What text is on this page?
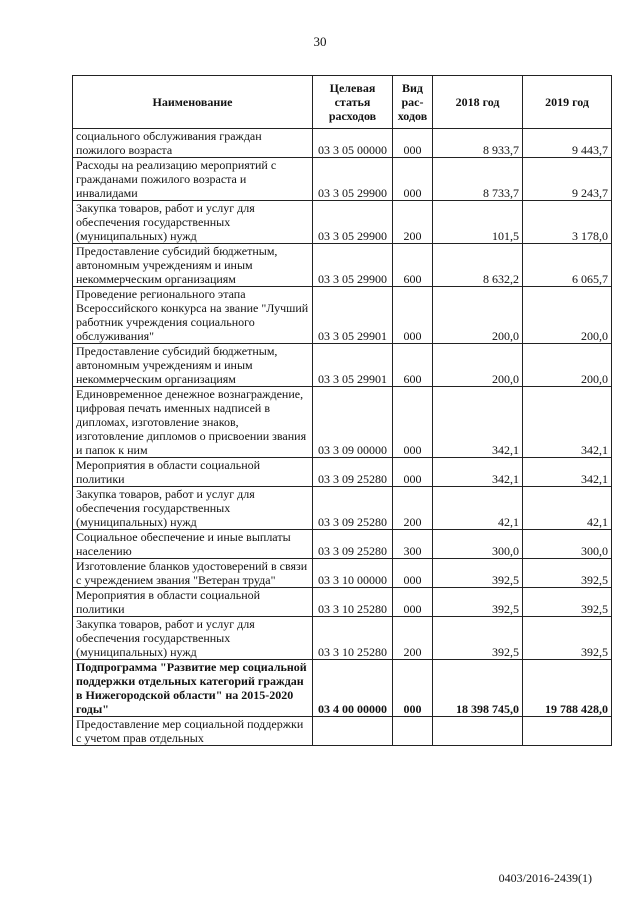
30
Наименование	Целевая статья расходов	Вид рас-ходов	2018 год	2019 год
социального обслуживания граждан пожилого возраста	03 3 05 00000	000	8 933,7	9 443,7
Расходы на реализацию мероприятий с гражданами пожилого возраста и инвалидами	03 3 05 29900	000	8 733,7	9 243,7
Закупка товаров, работ и услуг для обеспечения государственных (муниципальных) нужд	03 3 05 29900	200	101,5	3 178,0
Предоставление субсидий бюджетным, автономным учреждениям и иным некоммерческим организациям	03 3 05 29900	600	8 632,2	6 065,7
Проведение регионального этапа Всероссийского конкурса на звание "Лучший работник учреждения социального обслуживания"	03 3 05 29901	000	200,0	200,0
Предоставление субсидий бюджетным, автономным учреждениям и иным некоммерческим организациям	03 3 05 29901	600	200,0	200,0
Единовременное денежное вознаграждение, цифровая печать именных надписей в дипломах, изготовление знаков, изготовление дипломов о присвоении звания и папок к ним	03 3 09 00000	000	342,1	342,1
Мероприятия в области социальной политики	03 3 09 25280	000	342,1	342,1
Закупка товаров, работ и услуг для обеспечения государственных (муниципальных) нужд	03 3 09 25280	200	42,1	42,1
Социальное обеспечение и иные выплаты населению	03 3 09 25280	300	300,0	300,0
Изготовление бланков удостоверений в связи с учреждением звания "Ветеран труда"	03 3 10 00000	000	392,5	392,5
Мероприятия в области социальной политики	03 3 10 25280	000	392,5	392,5
Закупка товаров, работ и услуг для обеспечения государственных (муниципальных) нужд	03 3 10 25280	200	392,5	392,5
Подпрограмма "Развитие мер социальной поддержки отдельных категорий граждан в Нижегородской области" на 2015-2020 годы"	03 4 00 00000	000	18 398 745,0	19 788 428,0
Предоставление мер социальной поддержки с учетом прав отдельных				
0403/2016-2439(1)
